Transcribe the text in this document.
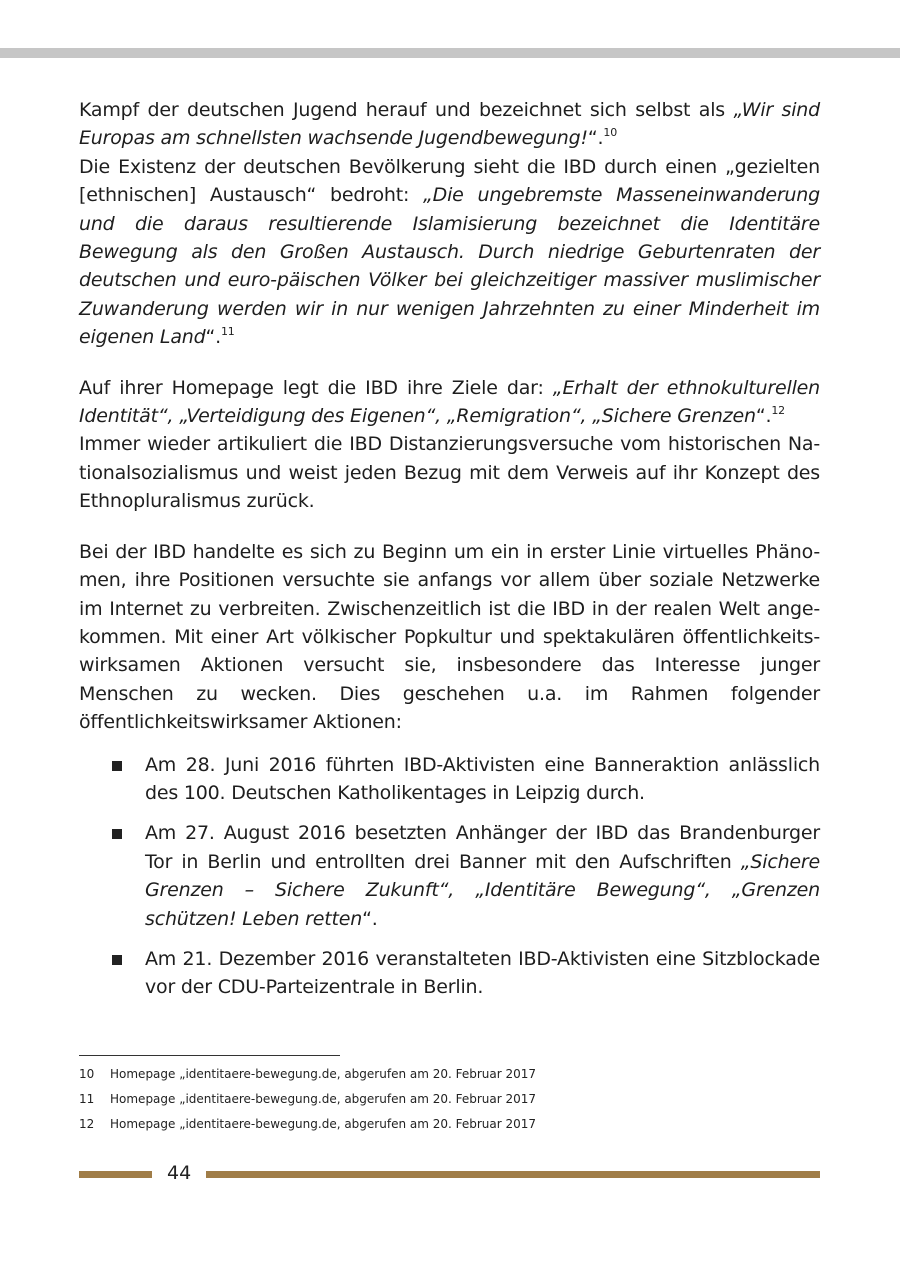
Kampf der deutschen Jugend herauf und bezeichnet sich selbst als „Wir sind Europas am schnellsten wachsende Jugendbewegung!“.$^{10}$

Die Existenz der deutschen Bevölkerung sieht die IBD durch einen „gezielten [ethnischen] Austausch“ bedroht: „Die ungebremste Masseneinwanderung und die daraus resultierende Islamisierung bezeichnet die Identitäre Bewegung als den Großen Austausch. Durch niedrige Geburtenraten der deutschen und euro-päischen Völker bei gleichzeitiger massiver muslimischer Zuwanderung werden wir in nur wenigen Jahrzehnten zu einer Minderheit im eigenen Land“.$^{11}$

Auf ihrer Homepage legt die IBD ihre Ziele dar: „Erhalt der ethnokulturellen Identität“, „Verteidigung des Eigenen“, „Remigration“, „Sichere Grenzen“.$^{12}$

Immer wieder artikuliert die IBD Distanzierungsversuche vom historischen Na-tionalsozialismus und weist jeden Bezug mit dem Verweis auf ihr Konzept des Ethnopluralismus zurück.

Bei der IBD handelte es sich zu Beginn um ein in erster Linie virtuelles Phäno-men, ihre Positionen versuchte sie anfangs vor allem über soziale Netzwerke im Internet zu verbreiten. Zwischenzeitlich ist die IBD in der realen Welt ange-kommen. Mit einer Art völkischer Popkultur und spektakulären öffentlichkeits-wirksamen Aktionen versucht sie, insbesondere das Interesse junger Menschen zu wecken. Dies geschehen u.a. im Rahmen folgender öffentlichkeitswirksamer Aktionen:

Am 28. Juni 2016 führten IBD-Aktivisten eine Banneraktion anlässlich des 100. Deutschen Katholikentages in Leipzig durch.
Am 27. August 2016 besetzten Anhänger der IBD das Brandenburger Tor in Berlin und entrollten drei Banner mit den Aufschriften „Sichere Grenzen – Sichere Zukunft“, „Identitäre Bewegung“, „Grenzen schützen! Leben retten“.
Am 21. Dezember 2016 veranstalteten IBD-Aktivisten eine Sitzblockade vor der CDU-Parteizentrale in Berlin.
10 Homepage „identitaere-bewegung.de, abgerufen am 20. Februar 2017
11 Homepage „identitaere-bewegung.de, abgerufen am 20. Februar 2017
12 Homepage „identitaere-bewegung.de, abgerufen am 20. Februar 2017
44
